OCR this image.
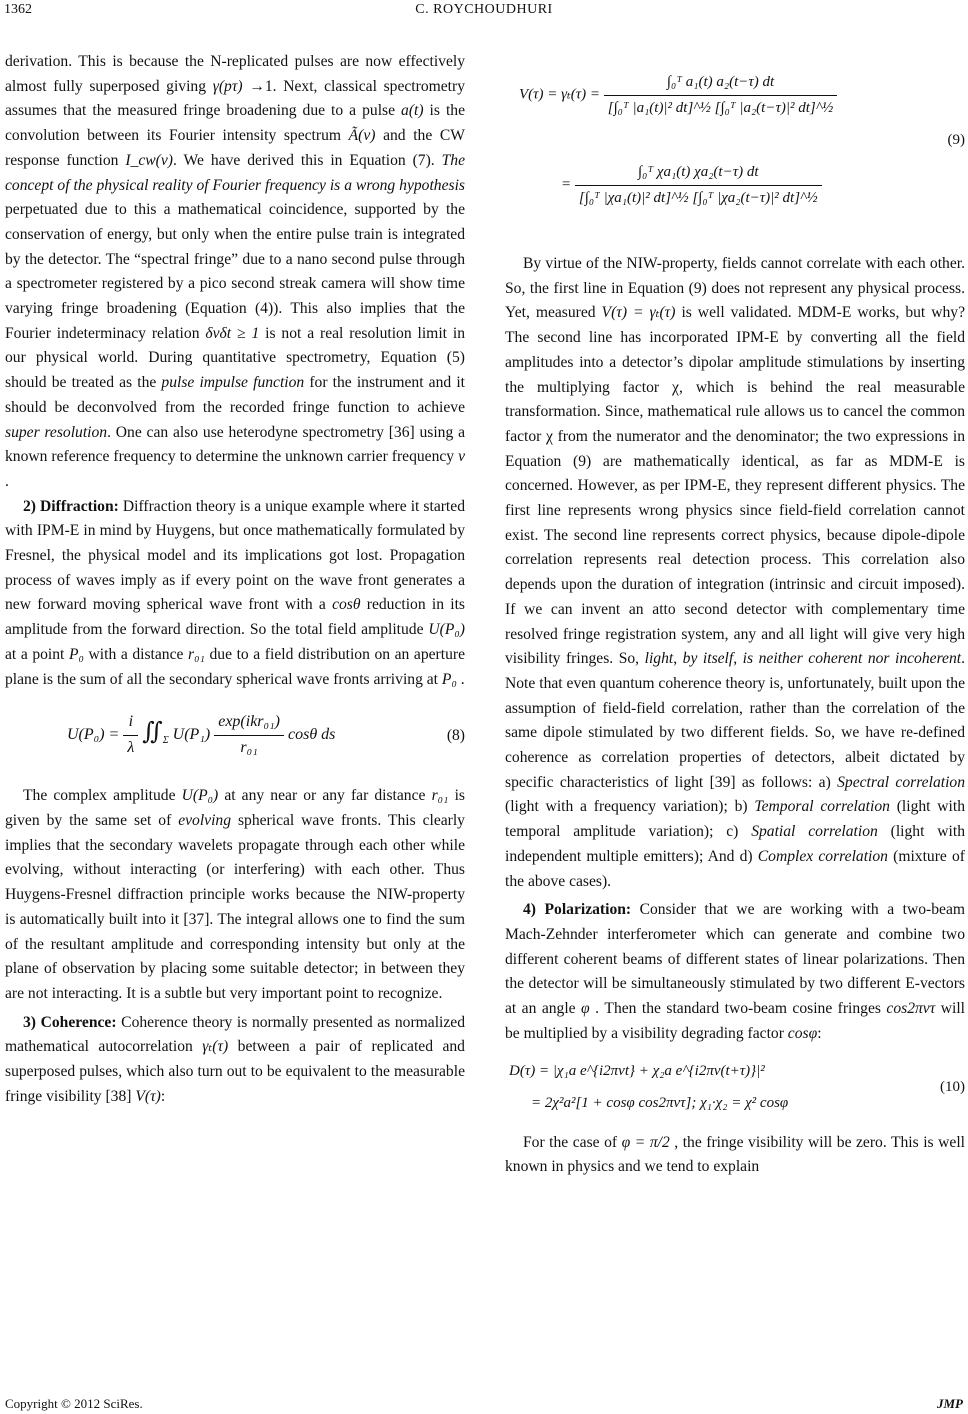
1362	C. ROYCHOUDHURI

derivation. This is because the N-replicated pulses are now effectively almost fully superposed giving γ(pτ) →1. Next, classical spectrometry assumes that the measured fringe broadening due to a pulse a(t) is the convolution between its Fourier intensity spectrum Ã(ν) and the CW response function I_cw(ν). We have derived this in Equation (7). The concept of the physical reality of Fourier frequency is a wrong hypothesis perpetuated due to this a mathematical coincidence, supported by the conservation of energy, but only when the entire pulse train is integrated by the detector. The “spectral fringe” due to a nano second pulse through a spectrometer registered by a pico second streak camera will show time varying fringe broadening (Equation (4)). This also implies that the Fourier indeterminacy relation δνδt ≥ 1 is not a real resolution limit in our physical world. During quantitative spectrometry, Equation (5) should be treated as the pulse impulse function for the instrument and it should be deconvolved from the recorded fringe function to achieve super resolution. One can also use heterodyne spectrometry [36] using a known reference frequency to determine the unknown carrier frequency ν .

2) Diffraction: Diffraction theory is a unique example where it started with IPM-E in mind by Huygens, but once mathematically formulated by Fresnel, the physical model and its implications got lost. Propagation process of waves imply as if every point on the wave front generates a new forward moving spherical wave front with a cosθ reduction in its amplitude from the forward direction. So the total field amplitude U(P₀) at a point P₀ with a distance r₀₁ due to a field distribution on an aperture plane is the sum of all the secondary spherical wave fronts arriving at P₀ .

$U(P_0) = \frac{i}{\lambda}$ $∬_\Sigma$ $U(P_1) \frac{\text{exp(ikr₀₁)}}{\text{r₀₁}}$ cosθ ds	(8)

The complex amplitude U(P₀) at any near or any far distance r₀₁ is given by the same set of evolving spherical wave fronts. This clearly implies that the secondary wavelets propagate through each other while evolving, without interacting (or interfering) with each other. Thus Huygens-Fresnel diffraction principle works because the NIW-property is automatically built into it [37]. The integral allows one to find the sum of the resultant amplitude and corresponding intensity but only at the plane of observation by placing some suitable detector; in between they are not interacting. It is a subtle but very important point to recognize.

3) Coherence: Coherence theory is normally presented as normalized mathematical autocorrelation γₜ(τ) between a pair of replicated and superposed pulses, which also turn out to be equivalent to the measurable fringe visibility [38] V(τ):

$V(\tau) = \gamma_t(\tau) = \frac{\text{∫₀ᵀ a₁(t) a₂(t−τ) dt}}{\text{[∫₀ᵀ |a₁(t)|² dt]\textasciicircum{}½ [∫₀ᵀ |a₂(t−τ)|² dt]\textasciicircum{}½}}$
= $\frac{\text{∫₀ᵀ χa₁(t) χa₂(t−τ) dt}}{\text{[∫₀ᵀ |χa₁(t)|² dt]\textasciicircum{}½ [∫₀ᵀ |χa₂(t−τ)|² dt]\textasciicircum{}½}}$
(9)

By virtue of the NIW-property, fields cannot correlate with each other. So, the first line in Equation (9) does not represent any physical process. Yet, measured V(τ) = γₜ(τ) is well validated. MDM-E works, but why? The second line has incorporated IPM-E by converting all the field amplitudes into a detector’s dipolar amplitude stimulations by inserting the multiplying factor χ, which is behind the real measurable transformation. Since, mathematical rule allows us to cancel the common factor χ from the numerator and the denominator; the two expressions in Equation (9) are mathematically identical, as far as MDM-E is concerned. However, as per IPM-E, they represent different physics. The first line represents wrong physics since field-field correlation cannot exist. The second line represents correct physics, because dipole-dipole correlation represents real detection process. This correlation also depends upon the duration of integration (intrinsic and circuit imposed). If we can invent an atto second detector with complementary time resolved fringe registration system, any and all light will give very high visibility fringes. So, light, by itself, is neither coherent nor incoherent. Note that even quantum coherence theory is, unfortunately, built upon the assumption of field-field correlation, rather than the correlation of the same dipole stimulated by two different fields. So, we have re-defined coherence as correlation properties of detectors, albeit dictated by specific characteristics of light [39] as follows: a) Spectral correlation (light with a frequency variation); b) Temporal correlation (light with temporal amplitude variation); c) Spatial correlation (light with independent multiple emitters); And d) Complex correlation (mixture of the above cases).

4) Polarization: Consider that we are working with a two-beam Mach-Zehnder interferometer which can generate and combine two different coherent beams of different states of linear polarizations. Then the detector will be simultaneously stimulated by two different E-vectors at an angle φ . Then the standard two-beam cosine fringes cos2πντ will be multiplied by a visibility degrading factor cosφ:

D(τ) = |χ₁a e^{i2πνt} + χ₂a e^{i2πν(t+τ)}|²
= 2χ²a²[1 + cosφ cos2πντ]; χ₁·χ₂ = χ² cosφ
(10)

For the case of φ = π/2 , the fringe visibility will be zero. This is well known in physics and we tend to explain

Copyright © 2012 SciRes.	JMP
